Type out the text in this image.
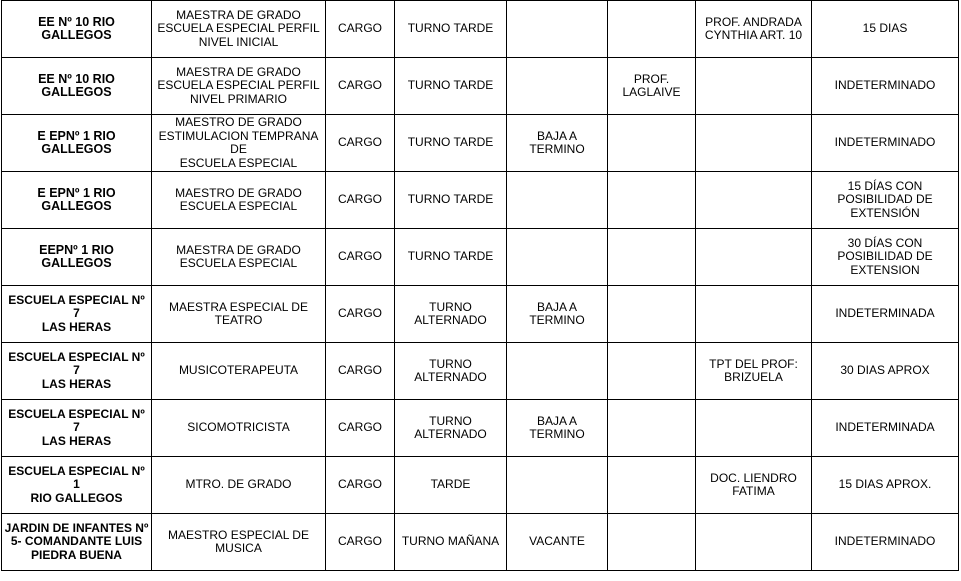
EE Nº 10 RIO
GALLEGOS	MAESTRA DE GRADO
ESCUELA ESPECIAL PERFIL
NIVEL INICIAL	CARGO	TURNO TARDE			PROF. ANDRADA
CYNTHIA ART. 10	15 DIAS
EE Nº 10 RIO
GALLEGOS	MAESTRA DE GRADO
ESCUELA ESPECIAL PERFIL
NIVEL PRIMARIO	CARGO	TURNO TARDE		PROF.
LAGLAIVE		INDETERMINADO
E EPNº 1 RIO
GALLEGOS	MAESTRO DE GRADO
ESTIMULACION TEMPRANA DE
ESCUELA ESPECIAL	CARGO	TURNO TARDE	BAJA A TERMINO			INDETERMINADO
E EPNº 1 RIO
GALLEGOS	MAESTRO DE GRADO
ESCUELA ESPECIAL	CARGO	TURNO TARDE				15 DÍAS CON
POSIBILIDAD DE
EXTENSIÓN
EEPNº 1 RIO
GALLEGOS	MAESTRA DE GRADO
ESCUELA ESPECIAL	CARGO	TURNO TARDE				30 DÍAS CON
POSIBILIDAD DE
EXTENSION
ESCUELA ESPECIAL Nº 7
LAS HERAS	MAESTRA ESPECIAL DE
TEATRO	CARGO	TURNO
ALTERNADO	BAJA A TERMINO			INDETERMINADA
ESCUELA ESPECIAL Nº 7
LAS HERAS	MUSICOTERAPEUTA	CARGO	TURNO
ALTERNADO			TPT DEL PROF:
BRIZUELA	30 DIAS APROX
ESCUELA ESPECIAL Nº 7
LAS HERAS	SICOMOTRICISTA	CARGO	TURNO
ALTERNADO	BAJA A TERMINO			INDETERMINADA
ESCUELA ESPECIAL Nº 1
RIO GALLEGOS	MTRO. DE GRADO	CARGO	TARDE			DOC. LIENDRO
FATIMA	15 DIAS APROX.
JARDIN DE INFANTES Nº
5- COMANDANTE LUIS
PIEDRA BUENA	MAESTRO ESPECIAL DE
MUSICA	CARGO	TURNO MAÑANA	VACANTE			INDETERMINADO
